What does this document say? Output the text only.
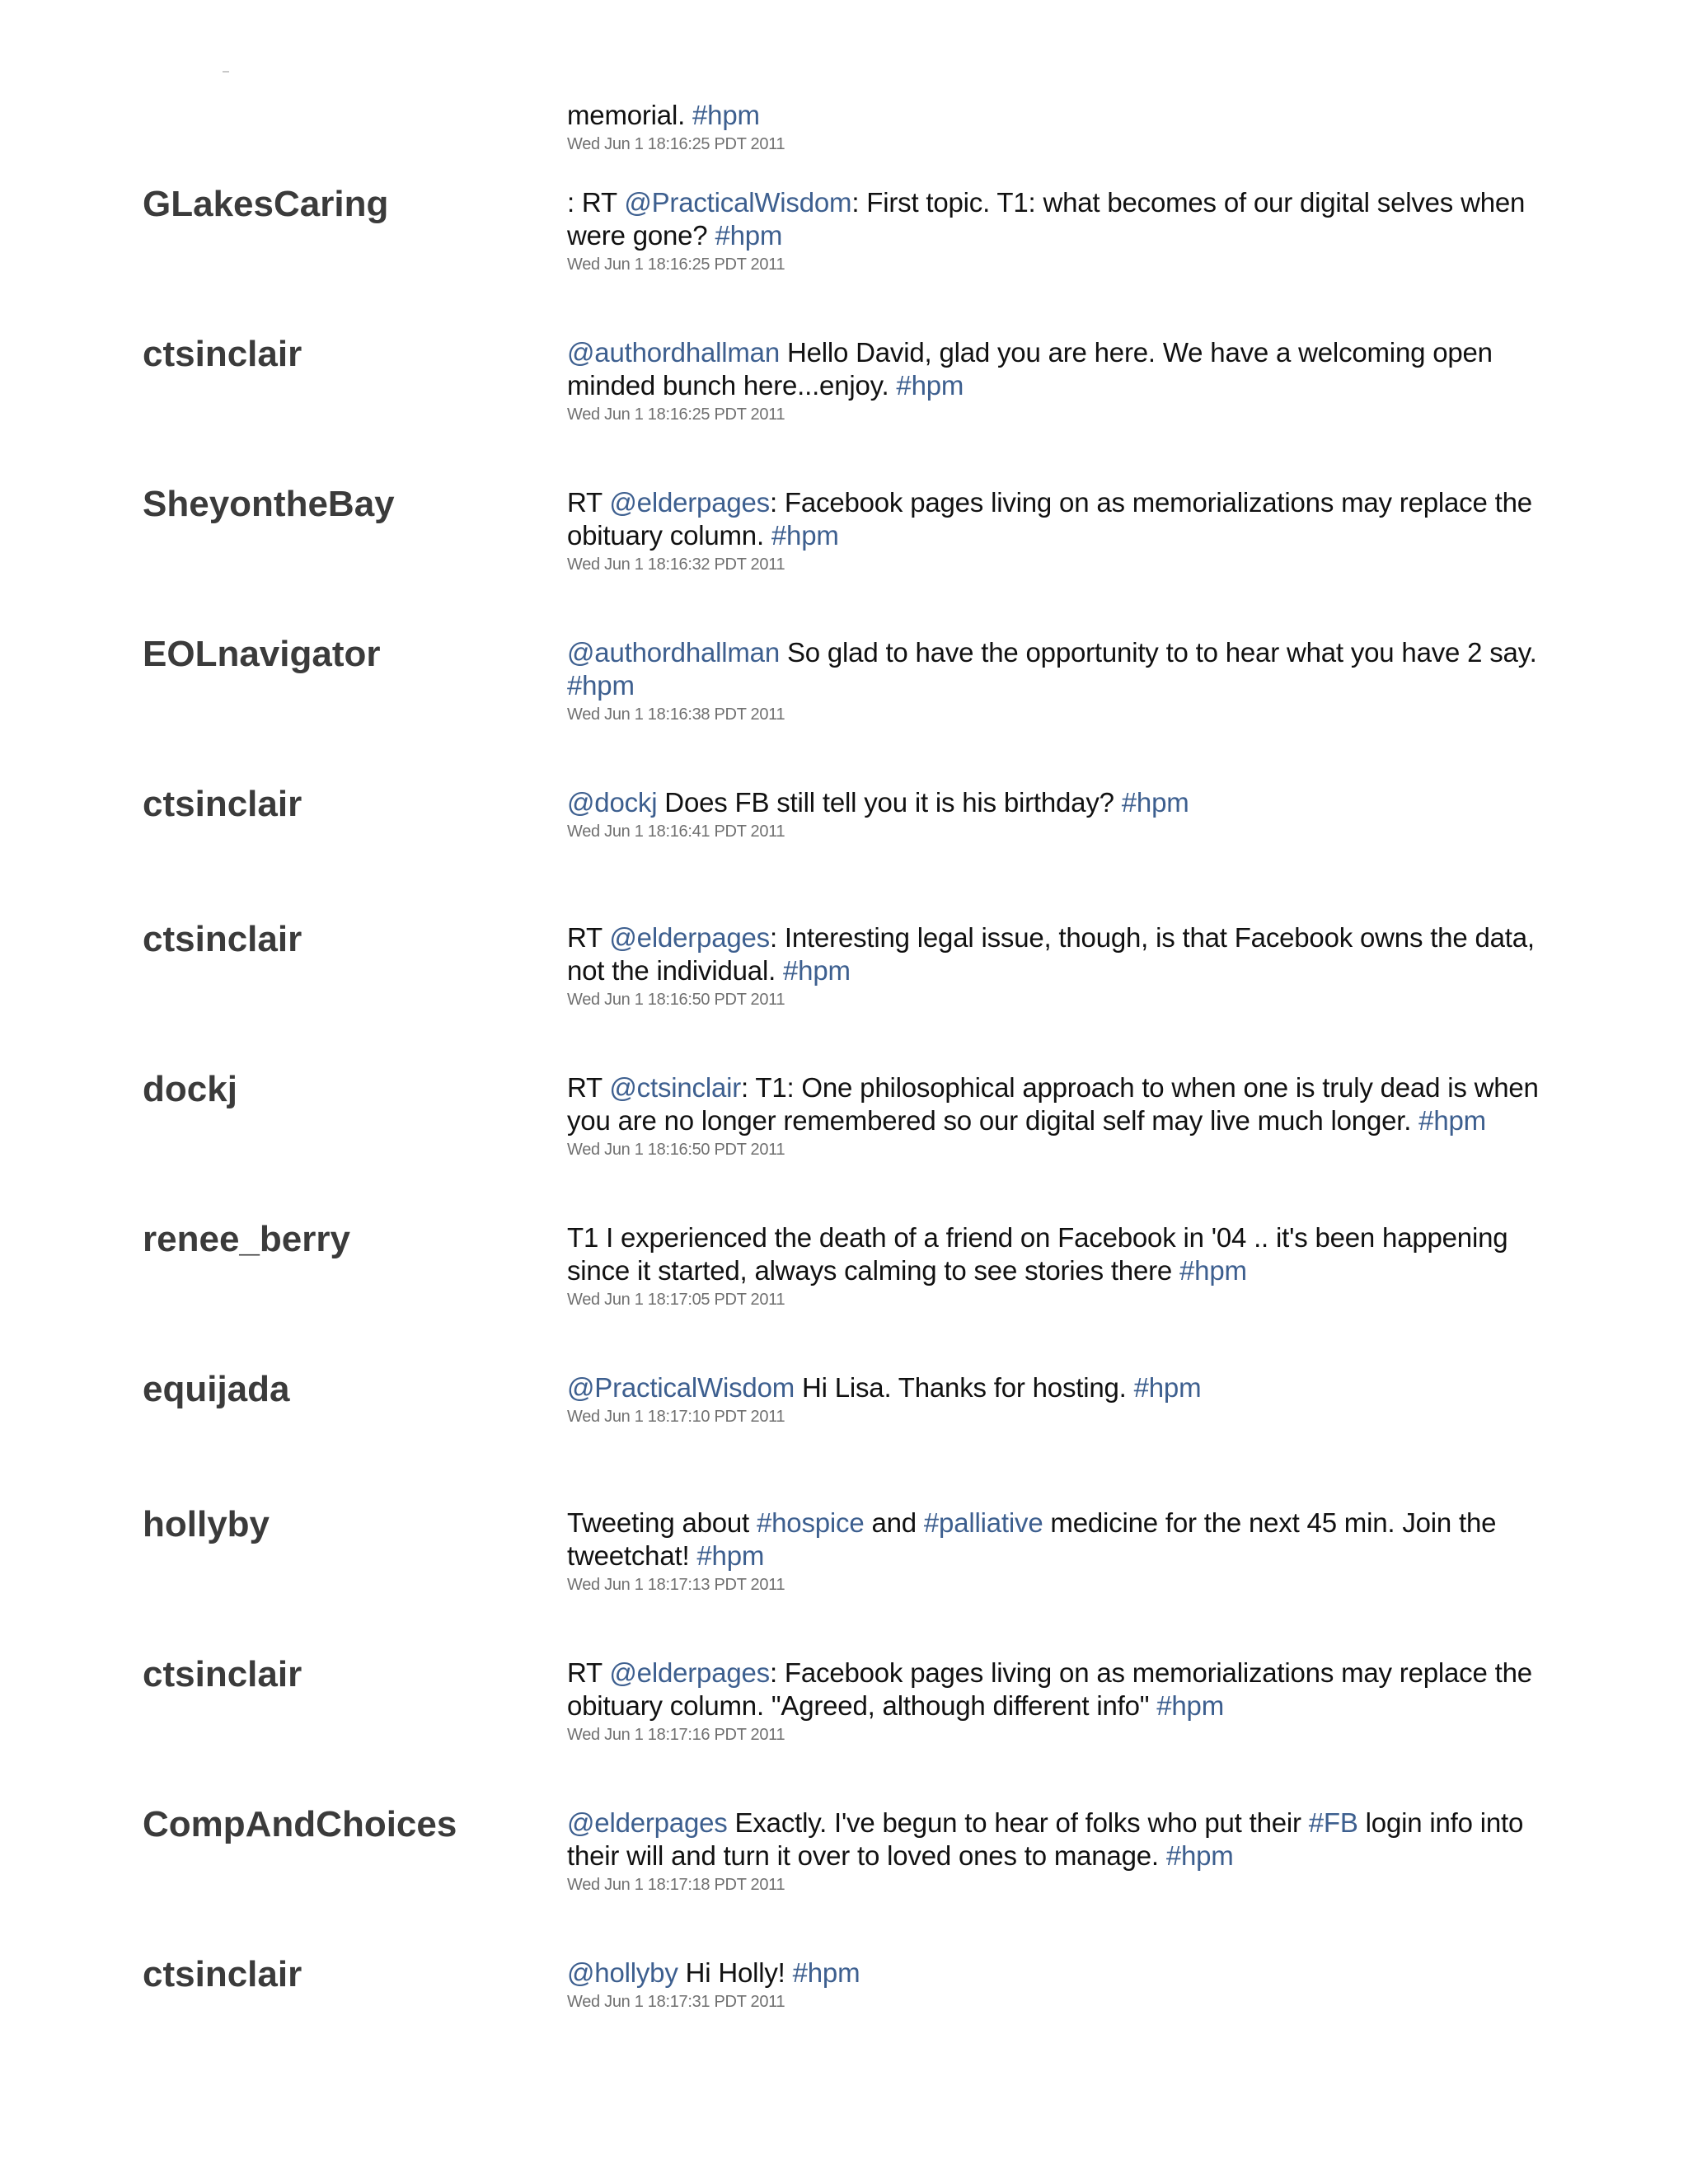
memorial. #hpm
Wed Jun 1 18:16:25 PDT 2011
GLakesCaring	: RT @PracticalWisdom: First topic. T1: what becomes of our digital selves when were gone? #hpm
Wed Jun 1 18:16:25 PDT 2011
ctsinclair	@authordhallman Hello David, glad you are here. We have a welcoming open minded bunch here...enjoy. #hpm
Wed Jun 1 18:16:25 PDT 2011
SheyontheBay	RT @elderpages: Facebook pages living on as memorializations may replace the obituary column. #hpm
Wed Jun 1 18:16:32 PDT 2011
EOLnavigator	@authordhallman So glad to have the opportunity to to hear what you have 2 say. #hpm
Wed Jun 1 18:16:38 PDT 2011
ctsinclair	@dockj Does FB still tell you it is his birthday? #hpm
Wed Jun 1 18:16:41 PDT 2011
ctsinclair	RT @elderpages: Interesting legal issue, though, is that Facebook owns the data, not the individual. #hpm
Wed Jun 1 18:16:50 PDT 2011
dockj	RT @ctsinclair: T1: One philosophical approach to when one is truly dead is when you are no longer remembered so our digital self may live much longer. #hpm
Wed Jun 1 18:16:50 PDT 2011
renee_berry	T1 I experienced the death of a friend on Facebook in '04 .. it's been happening since it started, always calming to see stories there #hpm
Wed Jun 1 18:17:05 PDT 2011
equijada	@PracticalWisdom Hi Lisa. Thanks for hosting. #hpm
Wed Jun 1 18:17:10 PDT 2011
hollyby	Tweeting about #hospice and #palliative medicine for the next 45 min. Join the tweetchat! #hpm
Wed Jun 1 18:17:13 PDT 2011
ctsinclair	RT @elderpages: Facebook pages living on as memorializations may replace the obituary column. "Agreed, although different info" #hpm
Wed Jun 1 18:17:16 PDT 2011
CompAndChoices	@elderpages Exactly. I've begun to hear of folks who put their #FB login info into their will and turn it over to loved ones to manage. #hpm
Wed Jun 1 18:17:18 PDT 2011
ctsinclair	@hollyby Hi Holly! #hpm
Wed Jun 1 18:17:31 PDT 2011
